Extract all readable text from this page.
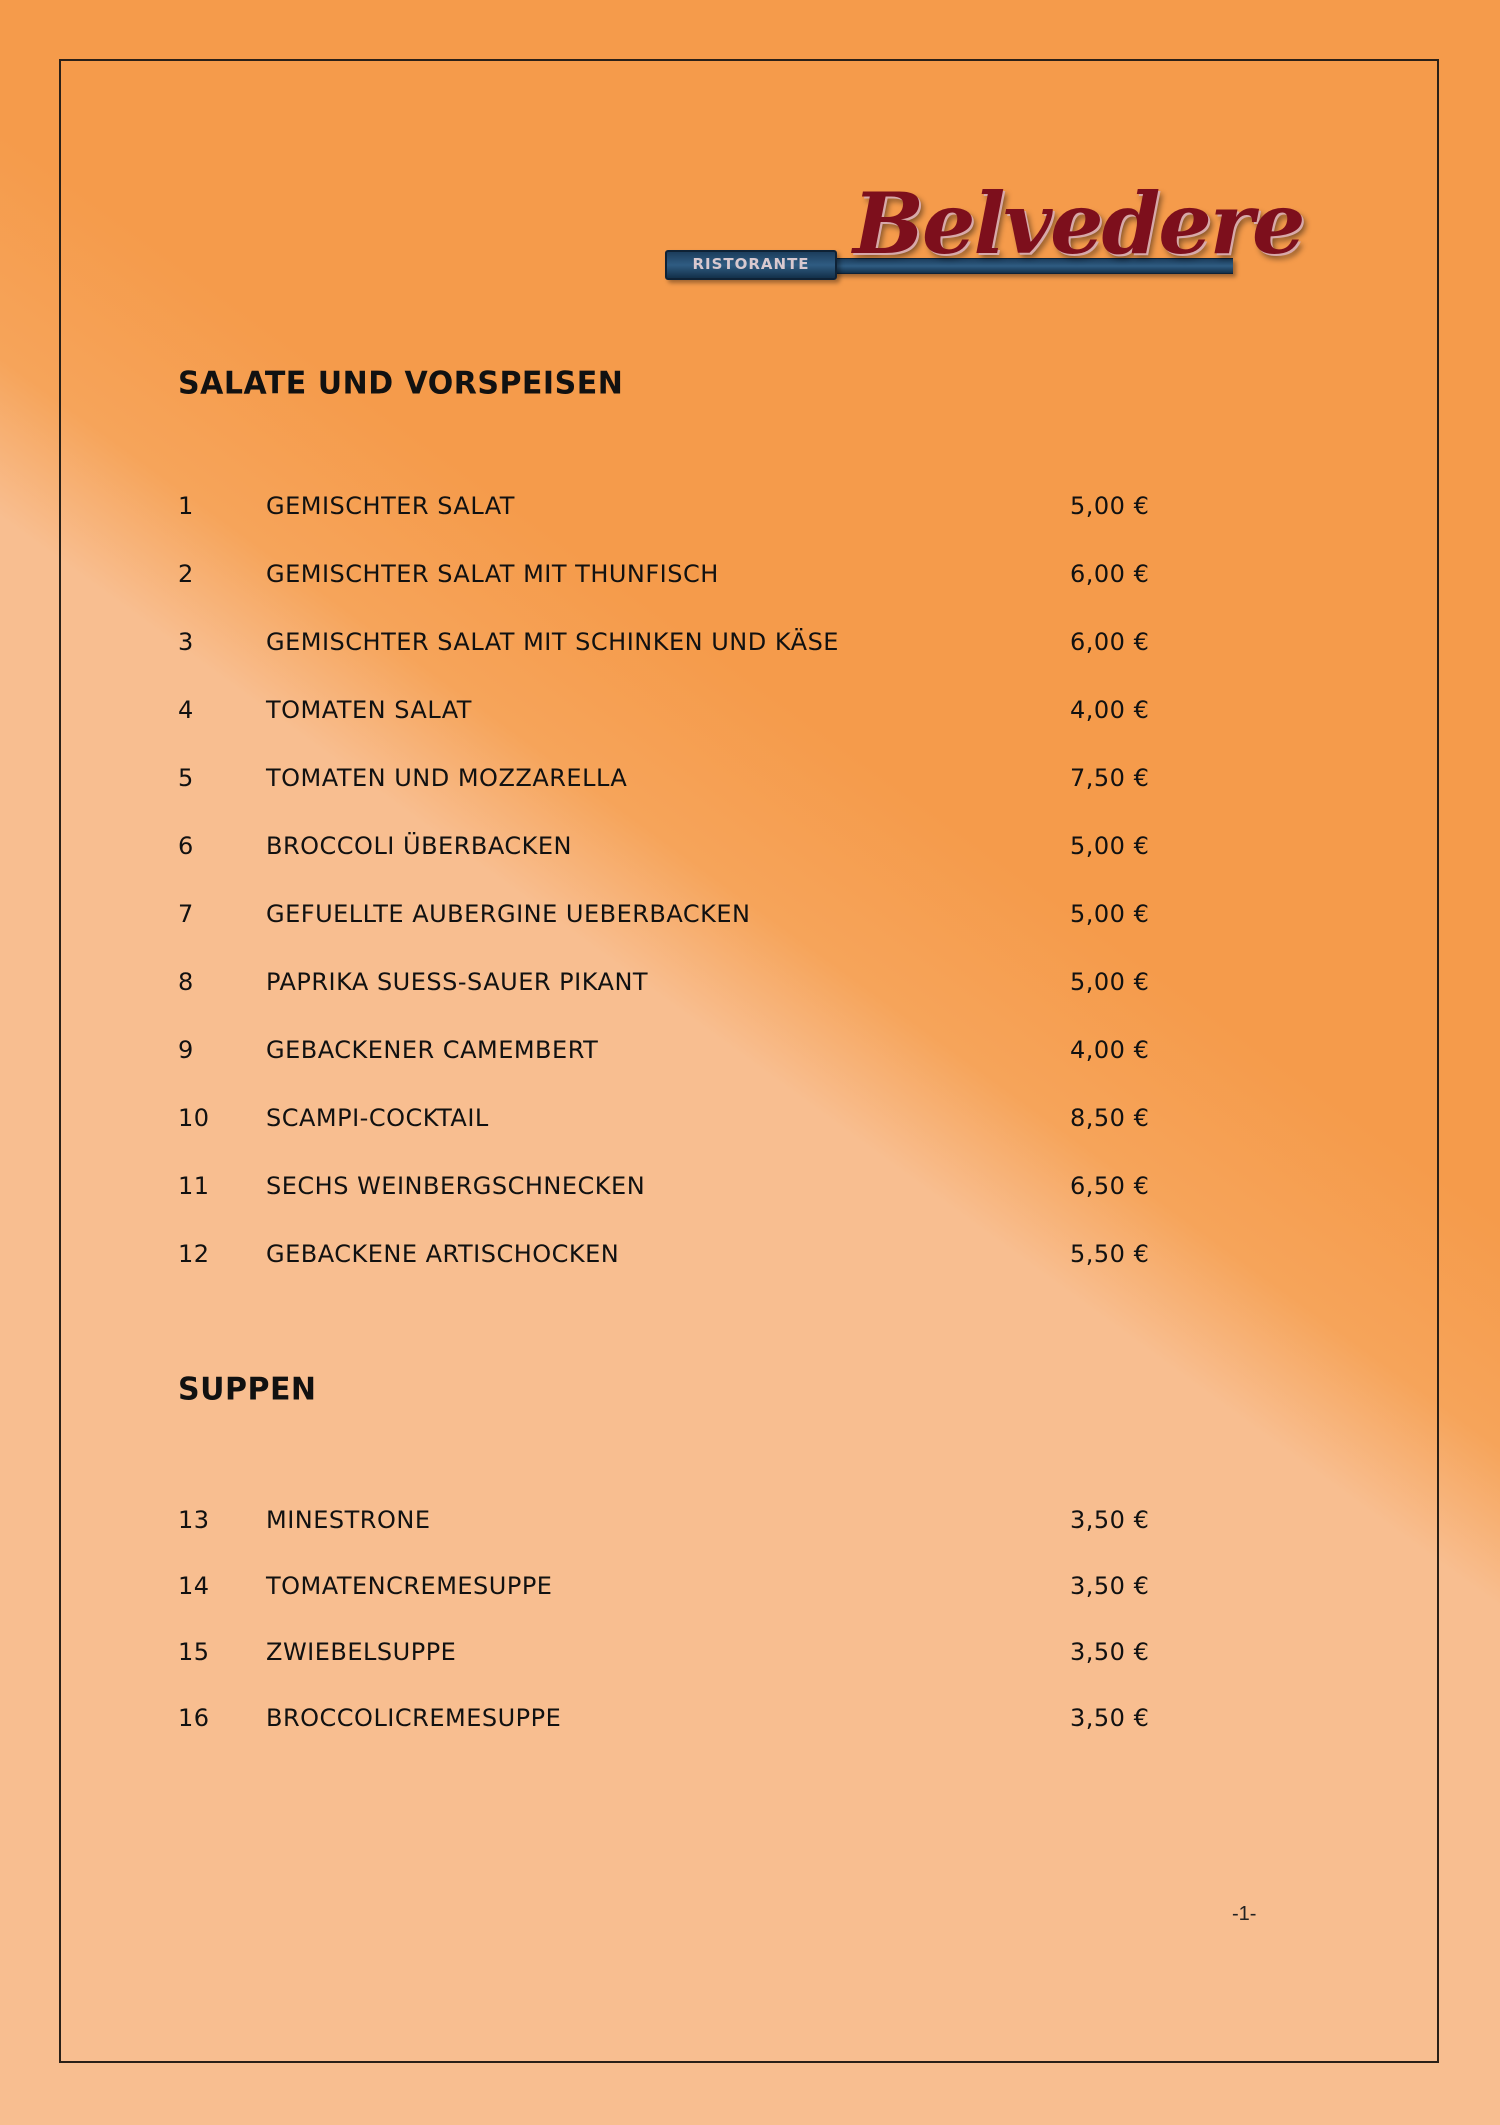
RISTORANTE Belvedere
SALATE UND VORSPEISEN
1	GEMISCHTER SALAT	5,00 €
2	GEMISCHTER SALAT MIT THUNFISCH	6,00 €
3	GEMISCHTER SALAT MIT SCHINKEN UND KÄSE	6,00 €
4	TOMATEN SALAT	4,00 €
5	TOMATEN UND MOZZARELLA	7,50 €
6	BROCCOLI ÜBERBACKEN	5,00 €
7	GEFUELLTE AUBERGINE UEBERBACKEN	5,00 €
8	PAPRIKA SUESS-SAUER PIKANT	5,00 €
9	GEBACKENER CAMEMBERT	4,00 €
10 SCAMPI-COCKTAIL	8,50 €
11 SECHS WEINBERGSCHNECKEN	6,50 €
12 GEBACKENE ARTISCHOCKEN	5,50 €
SUPPEN
13 MINESTRONE	3,50 €
14 TOMATENCREMESUPPE	3,50 €
15 ZWIEBELSUPPE	3,50 €
16 BROCCOLICREMESUPPE	3,50 €
-1-
